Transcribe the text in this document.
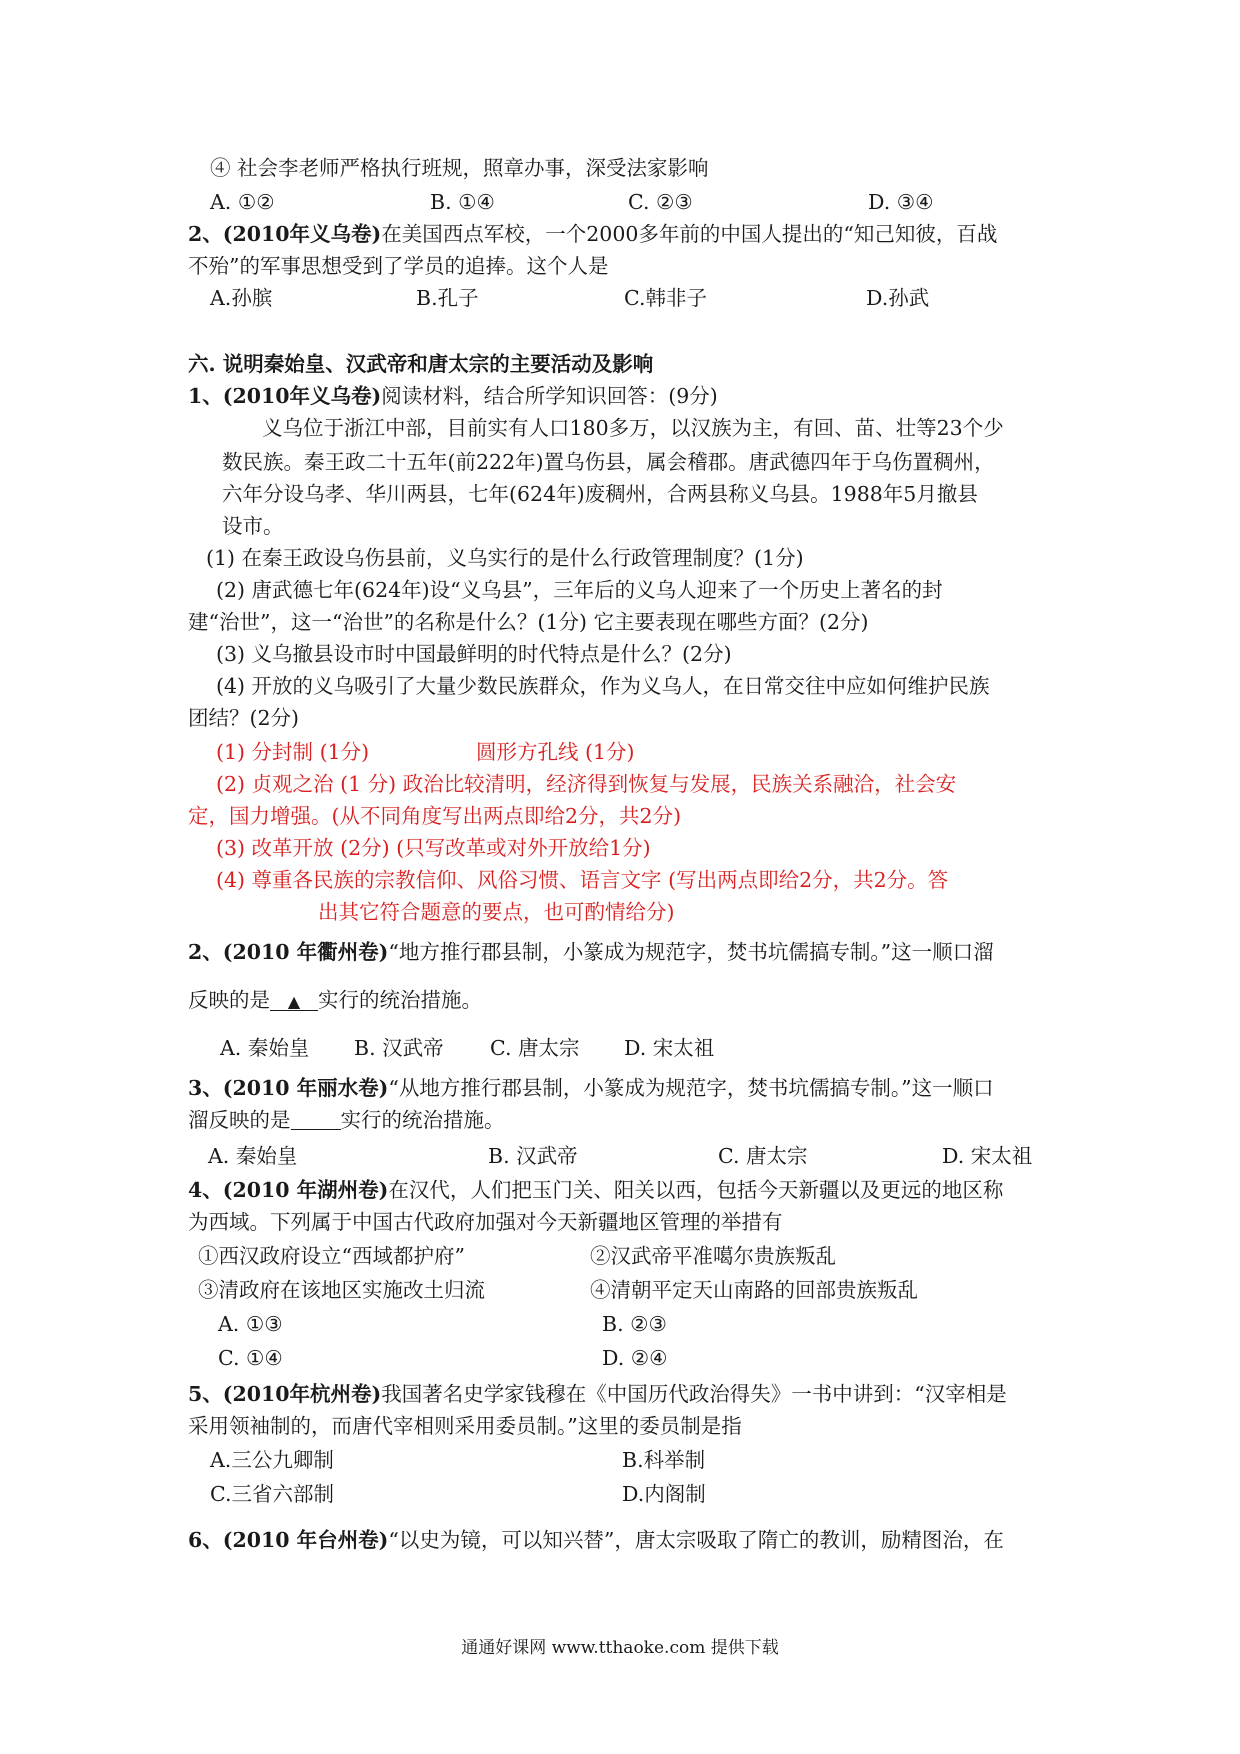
④ 社会李老师严格执行班规，照章办事，深受法家影响
A. ①②	B. ①④	C. ②③	D. ③④
2、(2010年义乌卷)在美国西点军校，一个2000多年前的中国人提出的“知己知彼，百战
不殆”的军事思想受到了学员的追捧。这个人是
A.孙膑	B.孔子	C.韩非子	D.孙武
六. 说明秦始皇、汉武帝和唐太宗的主要活动及影响
1、(2010年义乌卷)阅读材料，结合所学知识回答：(9分)
义乌位于浙江中部，目前实有人口180多万，以汉族为主，有回、苗、壮等23个少
数民族。秦王政二十五年(前222年)置乌伤县，属会稽郡。唐武德四年于乌伤置稠州，
六年分设乌孝、华川两县，七年(624年)废稠州，合两县称义乌县。1988年5月撤县
设市。
(1) 在秦王政设乌伤县前，义乌实行的是什么行政管理制度？(1分)
(2) 唐武德七年(624年)设“义乌县”，三年后的义乌人迎来了一个历史上著名的封
建“治世”，这一“治世”的名称是什么？(1分) 它主要表现在哪些方面？(2分)
(3) 义乌撤县设市时中国最鲜明的时代特点是什么？(2分)
(4) 开放的义乌吸引了大量少数民族群众，作为义乌人，在日常交往中应如何维护民族
团结？(2分)
(1) 分封制 (1分)	圆形方孔线 (1分)
(2) 贞观之治 (1 分) 政治比较清明，经济得到恢复与发展，民族关系融洽，社会安
定，国力增强。(从不同角度写出两点即给2分，共2分)
(3) 改革开放 (2分) (只写改革或对外开放给1分)
(4) 尊重各民族的宗教信仰、风俗习惯、语言文字 (写出两点即给2分，共2分。答
出其它符合题意的要点，也可酌情给分)
2、(2010 年衢州卷)“地方推行郡县制，小篆成为规范字，焚书坑儒搞专制。”这一顺口溜
反映的是 ▲ 实行的统治措施。
A. 秦始皇 B. 汉武帝 C. 唐太宗 D. 宋太祖
3、(2010 年丽水卷)“从地方推行郡县制，小篆成为规范字，焚书坑儒搞专制。”这一顺口
溜反映的是 实行的统治措施。
A. 秦始皇	B. 汉武帝	C. 唐太宗	D. 宋太祖
4、(2010 年湖州卷)在汉代，人们把玉门关、阳关以西，包括今天新疆以及更远的地区称
为西域。下列属于中国古代政府加强对今天新疆地区管理的举措有
①西汉政府设立“西域都护府”	②汉武帝平准噶尔贵族叛乱
③清政府在该地区实施改土归流	④清朝平定天山南路的回部贵族叛乱
A. ①③	B. ②③
C. ①④	D. ②④
5、(2010年杭州卷)我国著名史学家钱穆在《中国历代政治得失》一书中讲到：“汉宰相是
采用领袖制的，而唐代宰相则采用委员制。”这里的委员制是指
A.三公九卿制	B.科举制
C.三省六部制	D.内阁制
6、(2010 年台州卷)“以史为镜，可以知兴替”，唐太宗吸取了隋亡的教训，励精图治，在
通通好课网 www.tthaoke.com 提供下载
